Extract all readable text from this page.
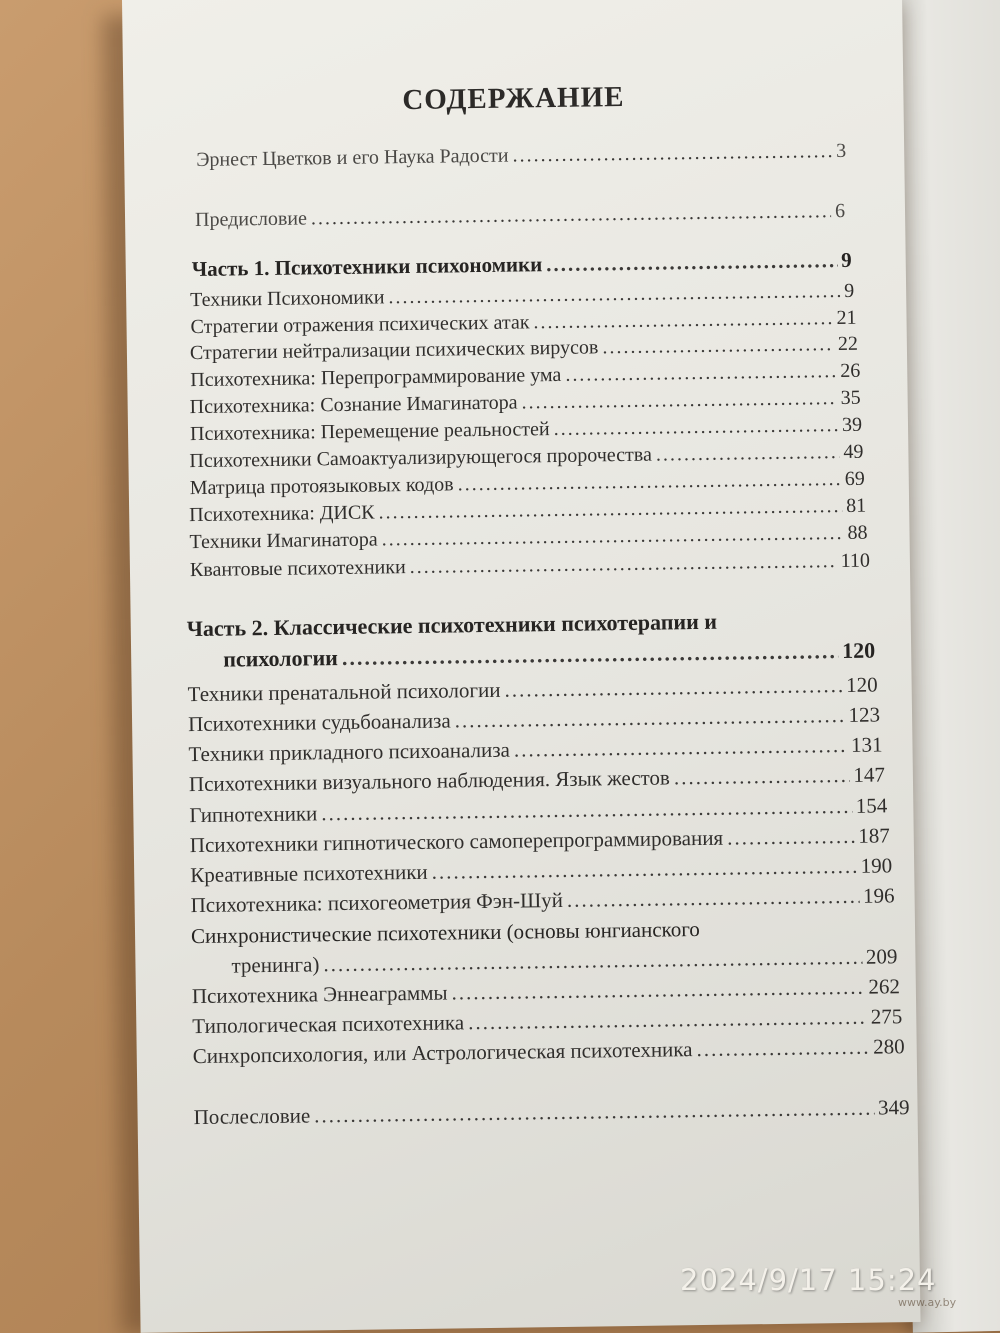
СОДЕРЖАНИЕ
Эрнест Цветков и его Наука Радости .....	3
Предисловие .....	6
Часть 1. Психотехники психономики .....	9
Техники Психономики .....	9
Стратегии отражения психических атак .....	21
Стратегии нейтрализации психических вирусов .....	22
Психотехника: Перепрограммирование ума .....	26
Психотехника: Сознание Имагинатора .....	35
Психотехника: Перемещение реальностей .....	39
Психотехники Самоактуализирующегося пророчества .....	49
Матрица протоязыковых кодов .....	69
Психотехника: ДИСК .....	81
Техники Имагинатора .....	88
Квантовые психотехники .....	110
Часть 2. Классические психотехники психотерапии и
психологии .....	120
Техники пренатальной психологии .....	120
Психотехники судьбоанализа .....	123
Техники прикладного психоанализа .....	131
Психотехники визуального наблюдения. Язык жестов .....	147
Гипнотехники .....	154
Психотехники гипнотического самоперепрограммирования .....	187
Креативные психотехники .....	190
Психотехника: психогеометрия Фэн-Шуй .....	196
Синхронистические психотехники (основы юнгианского
тренинга) .....	209
Психотехника Эннеаграммы .....	262
Типологическая психотехника .....	275
Синхропсихология, или Астрологическая психотехника .....	280
Послесловие .....	349
2024/9/17 15:24
www.ay.by
